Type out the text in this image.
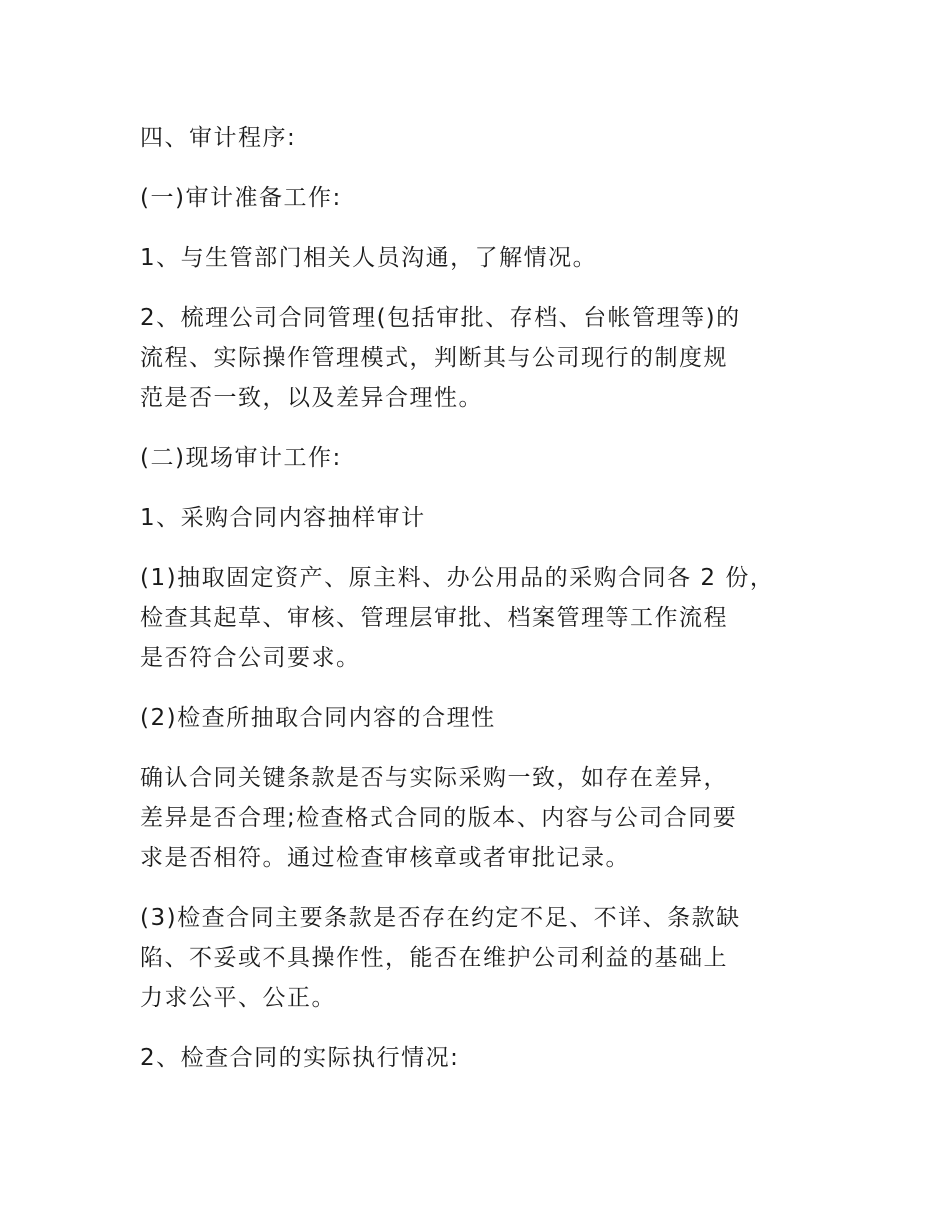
四、审计程序:
(一)审计准备工作:
1、与生管部门相关人员沟通，了解情况。
2、梳理公司合同管理(包括审批、存档、台帐管理等)的
流程、实际操作管理模式，判断其与公司现行的制度规
范是否一致，以及差异合理性。
(二)现场审计工作:
1、采购合同内容抽样审计
(1)抽取固定资产、原主料、办公用品的采购合同各 2 份，
检查其起草、审核、管理层审批、档案管理等工作流程
是否符合公司要求。
(2)检查所抽取合同内容的合理性
确认合同关键条款是否与实际采购一致，如存在差异，
差异是否合理;检查格式合同的版本、内容与公司合同要
求是否相符。通过检查审核章或者审批记录。
(3)检查合同主要条款是否存在约定不足、不详、条款缺
陷、不妥或不具操作性，能否在维护公司利益的基础上
力求公平、公正。
2、检查合同的实际执行情况:
